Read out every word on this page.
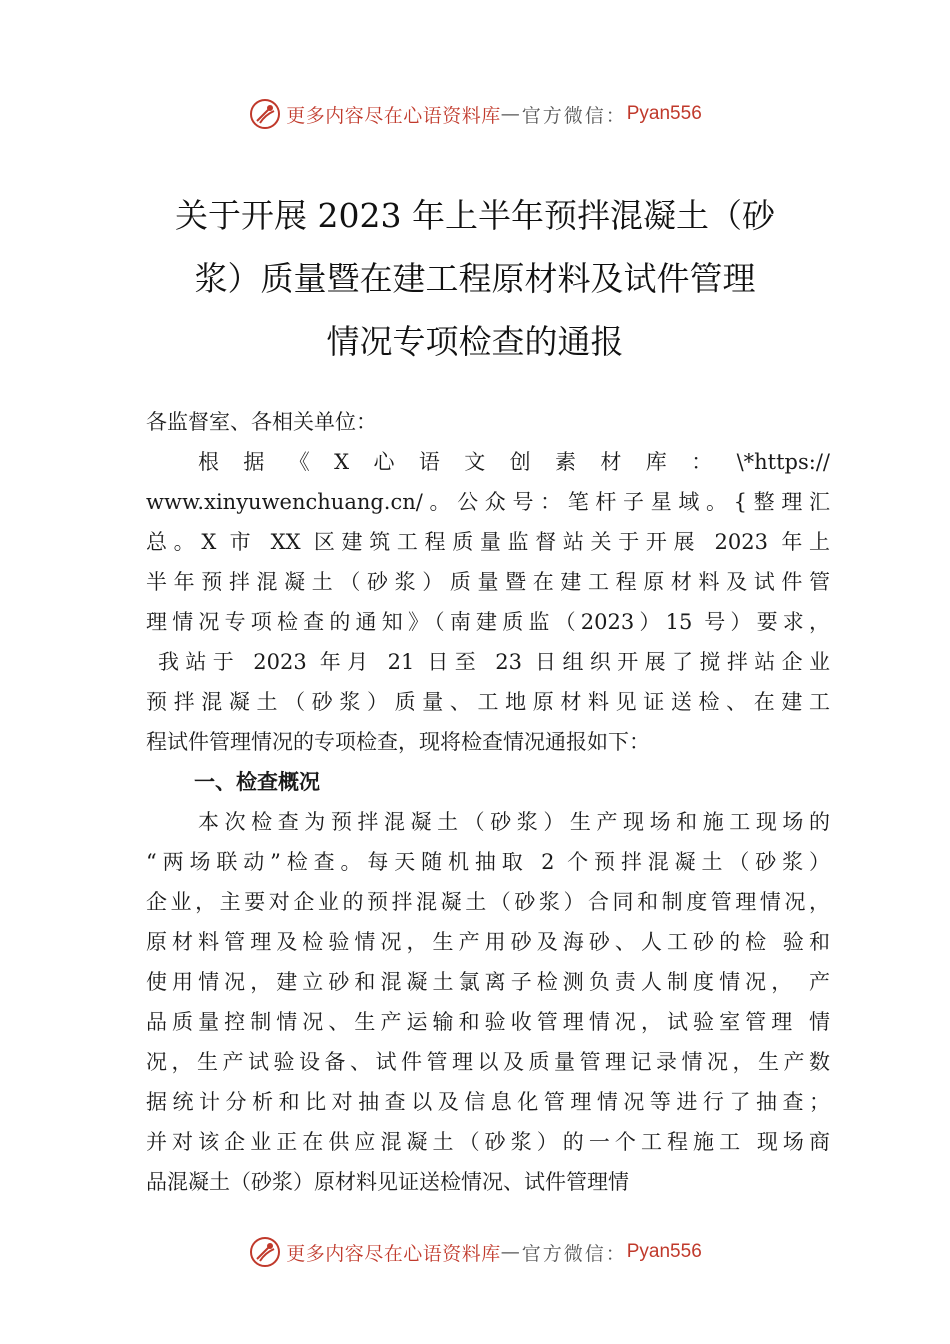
更多内容尽在心语资料库 — 官方微信： Pyan556
关于开展 2023 年上半年预拌混凝土（砂
浆）质量暨在建工程原材料及试件管理
情况专项检查的通报
各监督室、各相关单位：
根据《X心语文创素材库：\*https://
www.xinyuwenchuang.cn/。公众号：笔杆子星域。{整理汇
总。X 市 XX 区建筑工程质量监督站关于开展 2023 年上
半年预拌混凝土（砂浆）质量暨在建工程原材料及试件管
理情况专项检查的通知》（南建质监（2023）15 号）要求，
我站于 2023 年月 21 日至 23 日组织开展了搅拌站企业
预拌混凝土（砂浆）质量、工地原材料见证送检、在建工
程试件管理情况的专项检查，现将检查情况通报如下：
一、检查概况
本次检查为预拌混凝土（砂浆）生产现场和施工现场的
“两场联动”检查。每天随机抽取 2 个预拌混凝土（砂浆）
企业，主要对企业的预拌混凝土（砂浆）合同和制度管理情况，
原材料管理及检验情况，生产用砂及海砂、人工砂的检 验和
使用情况，建立砂和混凝土氯离子检测负责人制度情况， 产
品质量控制情况、生产运输和验收管理情况，试验室管理 情
况，生产试验设备、试件管理以及质量管理记录情况，生产数
据统计分析和比对抽查以及信息化管理情况等进行了抽查；
并对该企业正在供应混凝土（砂浆）的一个工程施工 现场商
品混凝土（砂浆）原材料见证送检情况、试件管理情
更多内容尽在心语资料库 — 官方微信： Pyan556
